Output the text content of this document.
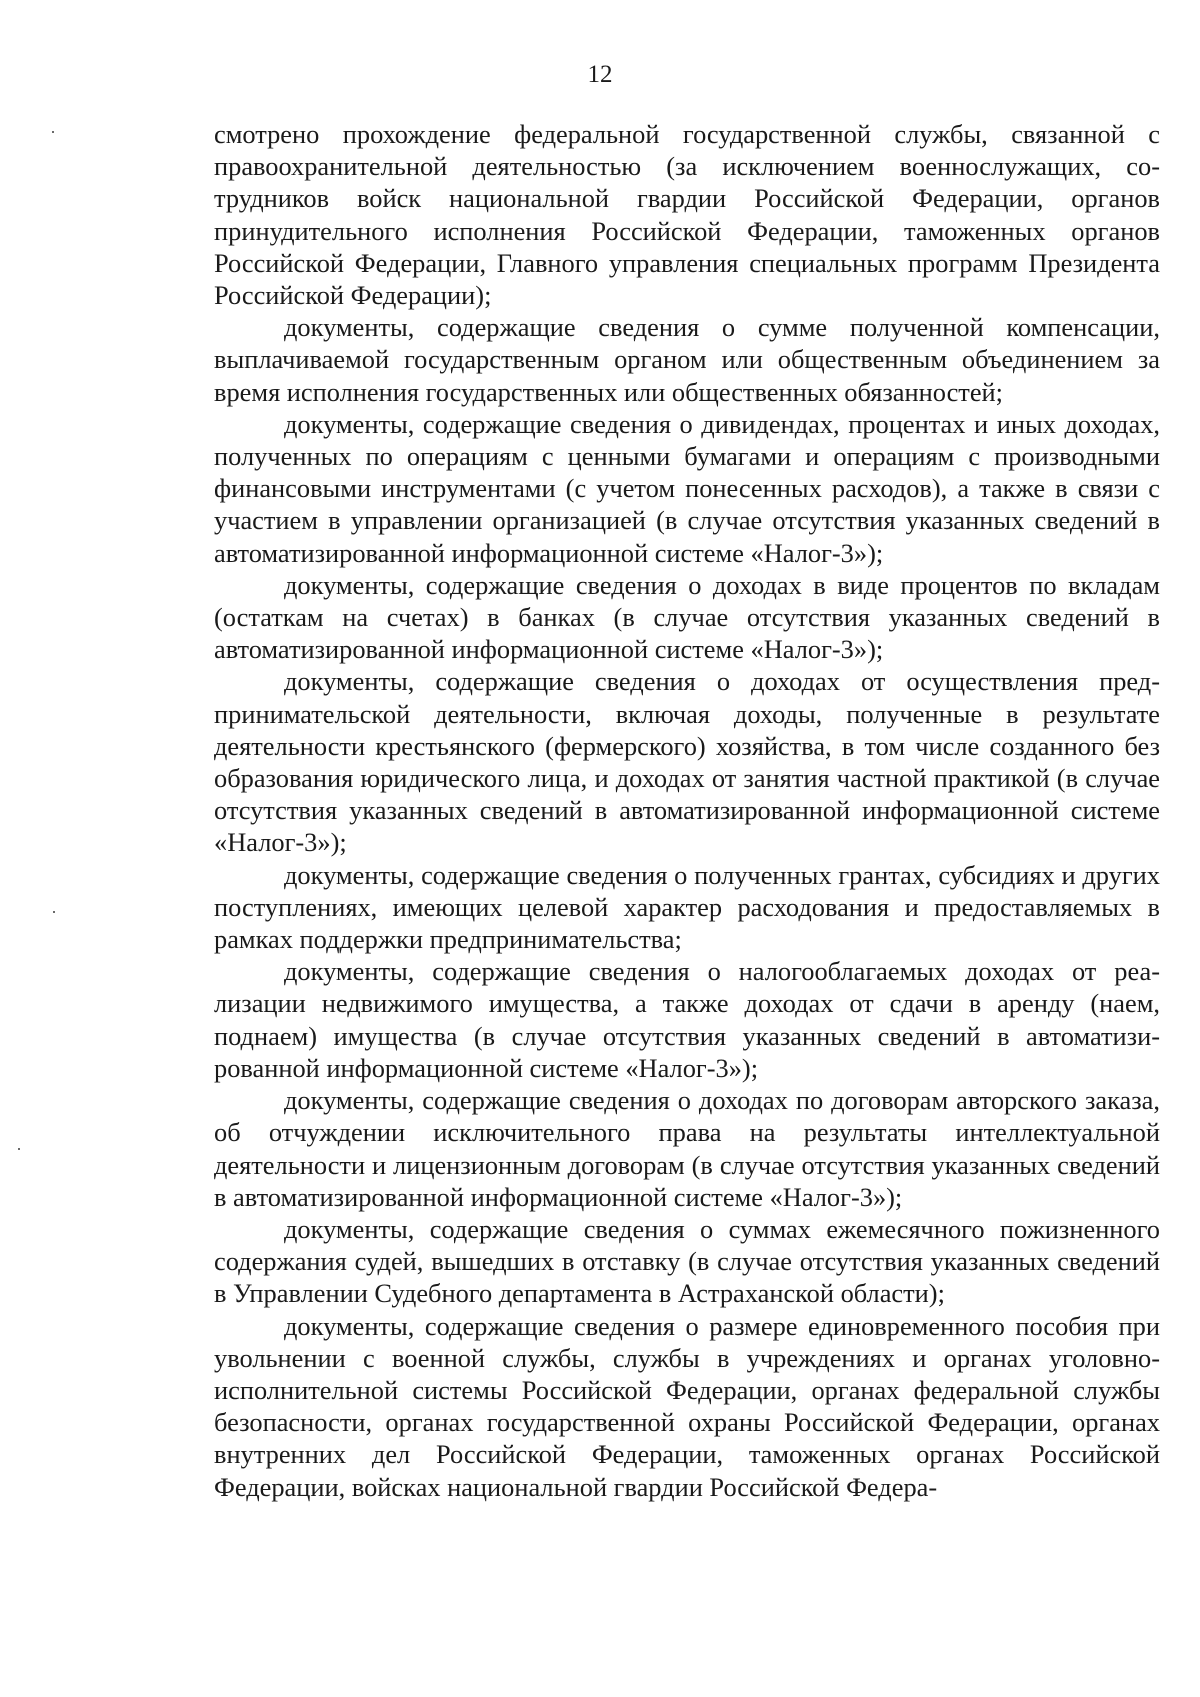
12

смотрено прохождение федеральной государственной службы, связанной с правоохранительной деятельностью (за исключением военнослужащих, сотрудников войск национальной гвардии Российской Федерации, органов принудительного исполнения Российской Федерации, таможенных органов Российской Федерации, Главного управления специальных программ Президента Российской Федерации);

документы, содержащие сведения о сумме полученной компенсации, выплачиваемой государственным органом или общественным объединением за время исполнения государственных или общественных обязанностей;

документы, содержащие сведения о дивидендах, процентах и иных доходах, полученных по операциям с ценными бумагами и операциям с производными финансовыми инструментами (с учетом понесенных расходов), а также в связи с участием в управлении организацией (в случае отсутствия указанных сведений в автоматизированной информационной системе «Налог-3»);

документы, содержащие сведения о доходах в виде процентов по вкладам (остаткам на счетах) в банках (в случае отсутствия указанных сведений в автоматизированной информационной системе «Налог-3»);

документы, содержащие сведения о доходах от осуществления предпринимательской деятельности, включая доходы, полученные в результате деятельности крестьянского (фермерского) хозяйства, в том числе созданного без образования юридического лица, и доходах от занятия частной практикой (в случае отсутствия указанных сведений в автоматизированной информационной системе «Налог-3»);

документы, содержащие сведения о полученных грантах, субсидиях и других поступлениях, имеющих целевой характер расходования и предоставляемых в рамках поддержки предпринимательства;

документы, содержащие сведения о налогооблагаемых доходах от реализации недвижимого имущества, а также доходах от сдачи в аренду (наем, поднаем) имущества (в случае отсутствия указанных сведений в автоматизированной информационной системе «Налог-3»);

документы, содержащие сведения о доходах по договорам авторского заказа, об отчуждении исключительного права на результаты интеллектуальной деятельности и лицензионным договорам (в случае отсутствия указанных сведений в автоматизированной информационной системе «Налог-3»);

документы, содержащие сведения о суммах ежемесячного пожизненного содержания судей, вышедших в отставку (в случае отсутствия указанных сведений в Управлении Судебного департамента в Астраханской области);

документы, содержащие сведения о размере единовременного пособия при увольнении с военной службы, службы в учреждениях и органах уголовно-исполнительной системы Российской Федерации, органах федеральной службы безопасности, органах государственной охраны Российской Федерации, органах внутренних дел Российской Федерации, таможенных органах Российской Федерации, войсках национальной гвардии Российской Федера-
